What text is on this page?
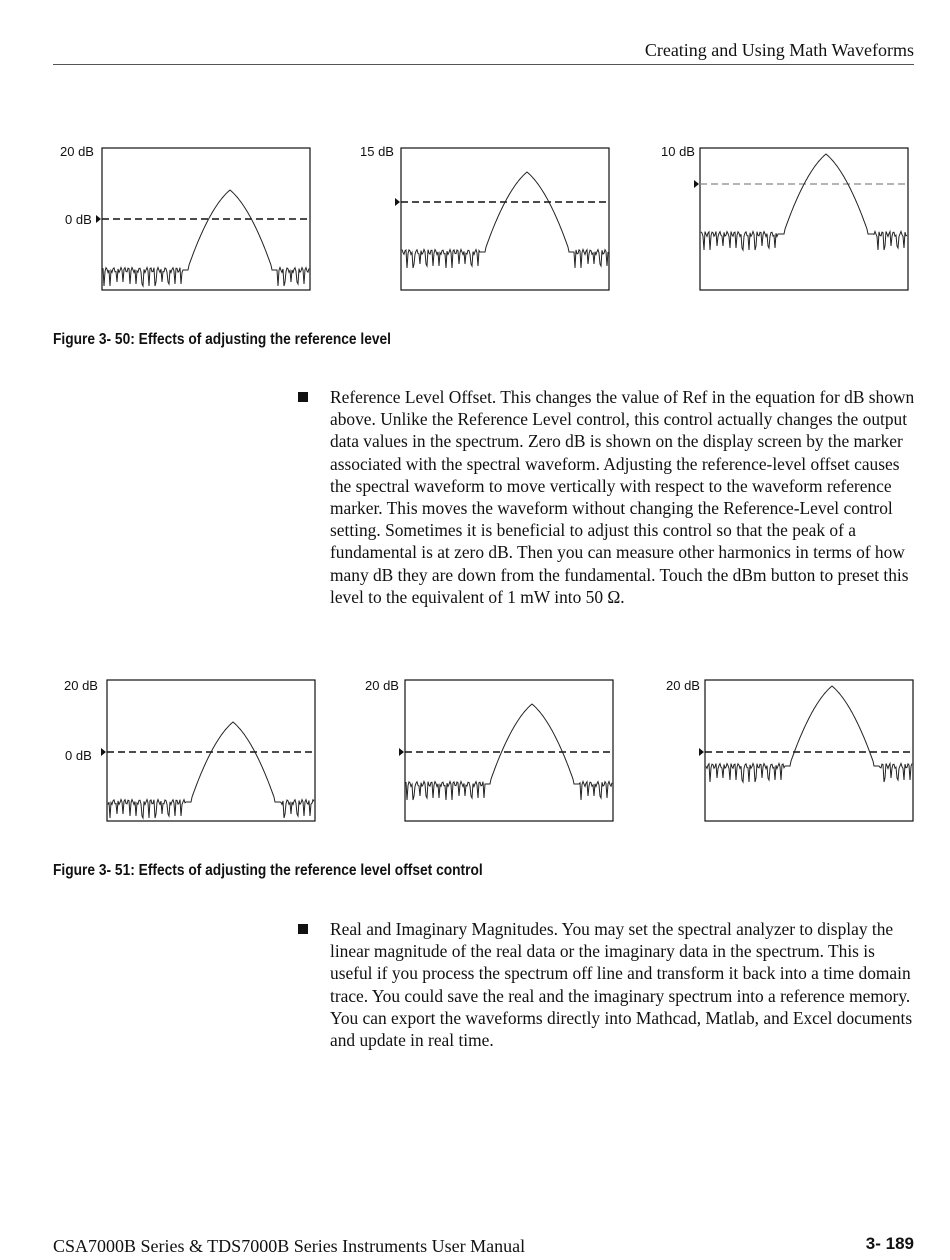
Creating and Using Math Waveforms
20 dB
0 dB
15 dB	10 dB
Figure 3- 50: Effects of adjusting the reference level
Reference Level Offset. This changes the value of Ref in the equation for dB shown above. Unlike the Reference Level control, this control actually changes the output data values in the spectrum. Zero dB is shown on the display screen by the marker associated with the spectral waveform. Adjusting the reference-level offset causes the spectral waveform to move vertically with respect to the waveform reference marker. This moves the waveform without changing the Reference-Level control setting. Sometimes it is beneficial to adjust this control so that the peak of a fundamental is at zero dB. Then you can measure other harmonics in terms of how many dB they are down from the fundamental. Touch the dBm button to preset this level to the equivalent of 1 mW into 50 Ω.
20 dB
0 dB
20 dB	20 dB
Figure 3- 51: Effects of adjusting the reference level offset control
Real and Imaginary Magnitudes. You may set the spectral analyzer to display the linear magnitude of the real data or the imaginary data in the spectrum. This is useful if you process the spectrum off line and transform it back into a time domain trace. You could save the real and the imaginary spectrum into a reference memory. You can export the waveforms directly into Mathcad, Matlab, and Excel documents and update in real time.
CSA7000B Series & TDS7000B Series Instruments User Manual	3- 189
